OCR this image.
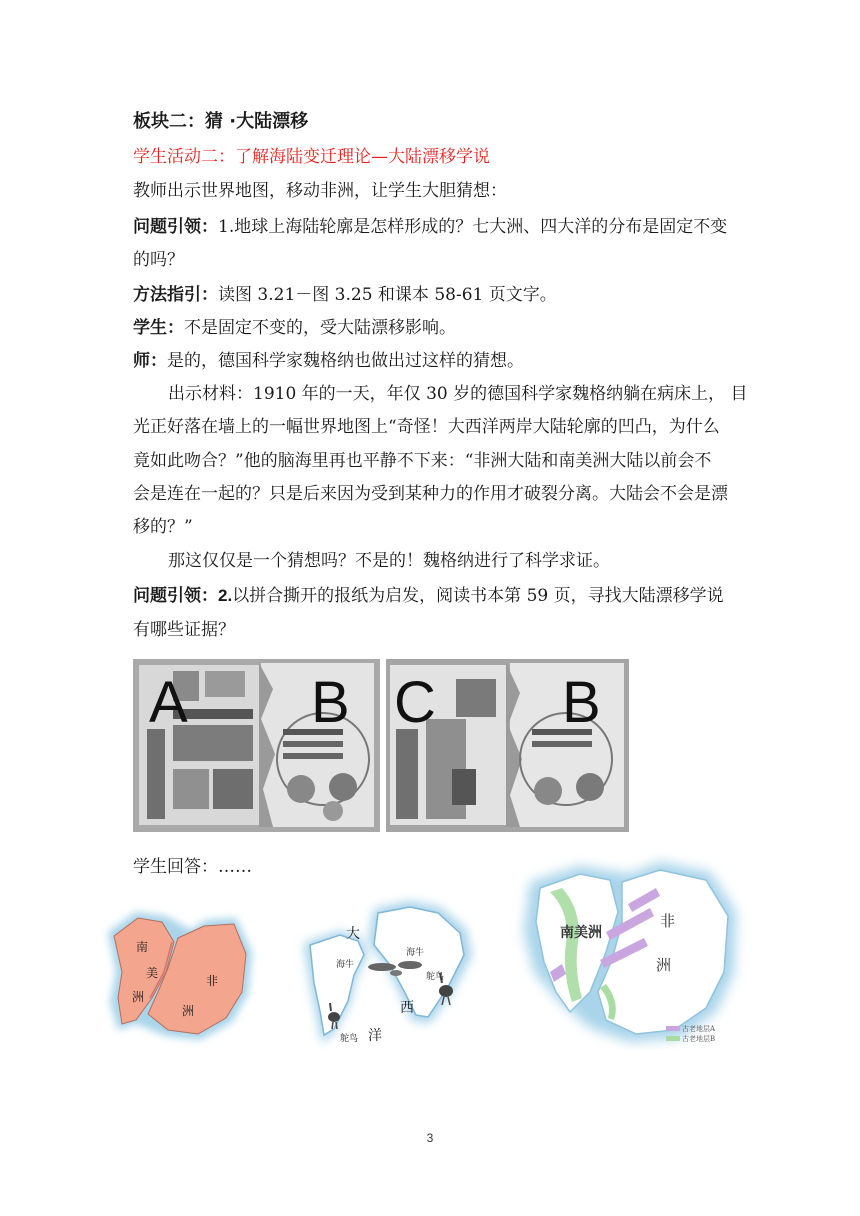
板块二：猜 ·大陆漂移
学生活动二：了解海陆变迁理论—大陆漂移学说
教师出示世界地图，移动非洲，让学生大胆猜想：
问题引领：1.地球上海陆轮廓是怎样形成的？七大洲、四大洋的分布是固定不变
的吗？
方法指引：读图 3.21－图 3.25 和课本 58-61 页文字。
学生：不是固定不变的，受大陆漂移影响。
师：是的，德国科学家魏格纳也做出过这样的猜想。
出示材料：1910 年的一天，年仅 30 岁的德国科学家魏格纳躺在病床上， 目
光正好落在墙上的一幅世界地图上“奇怪！大西洋两岸大陆轮廓的凹凸，为什么
竟如此吻合？”他的脑海里再也平静不下来：“非洲大陆和南美洲大陆以前会不
会是连在一起的？只是后来因为受到某种力的作用才破裂分离。大陆会不会是漂
移的？”
那这仅仅是一个猜想吗？不是的！魏格纳进行了科学求证。
问题引领：2.以拼合撕开的报纸为启发，阅读书本第 59 页，寻找大陆漂移学说
有哪些证据？
A B C B
学生回答：……
南
美
洲
非
洲
大
西
洋
海牛
海牛
鸵鸟
鸵鸟
南美洲
非
洲
古老地层A
古老地层B
3
